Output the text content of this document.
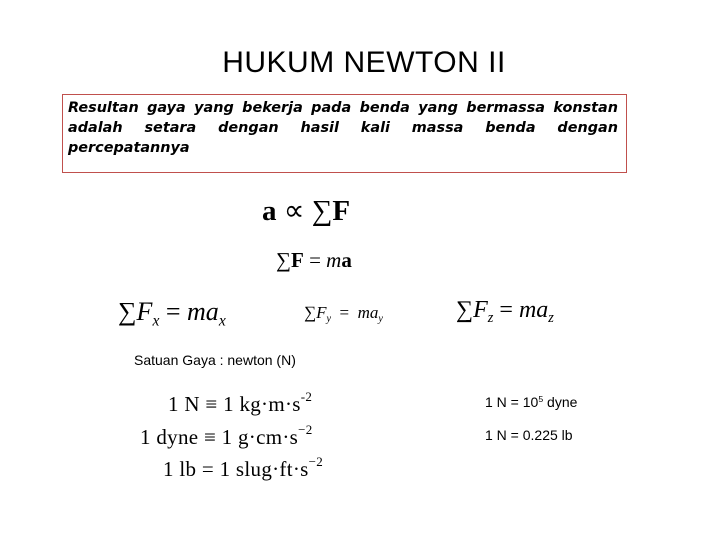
HUKUM NEWTON II
Resultan gaya yang bekerja pada benda yang bermassa konstan adalah setara dengan hasil kali massa benda dengan percepatannya
a ∝ ∑F
∑F = ma
$\sum F_x = ma_x$	$\sum F_y = ma_y$	$\sum F_z = ma_z$
Satuan Gaya : newton (N)
1 N ≡ 1 $kg\cdot m\cdot s^{-2}$
1 dyne ≡ 1 $g\cdot cm\cdot s^{-2}$
1 lb = 1 $slug\cdot ft\cdot s^{-2}$
1 $N = 10^5$ dyne
1 N = 0.225 lb
